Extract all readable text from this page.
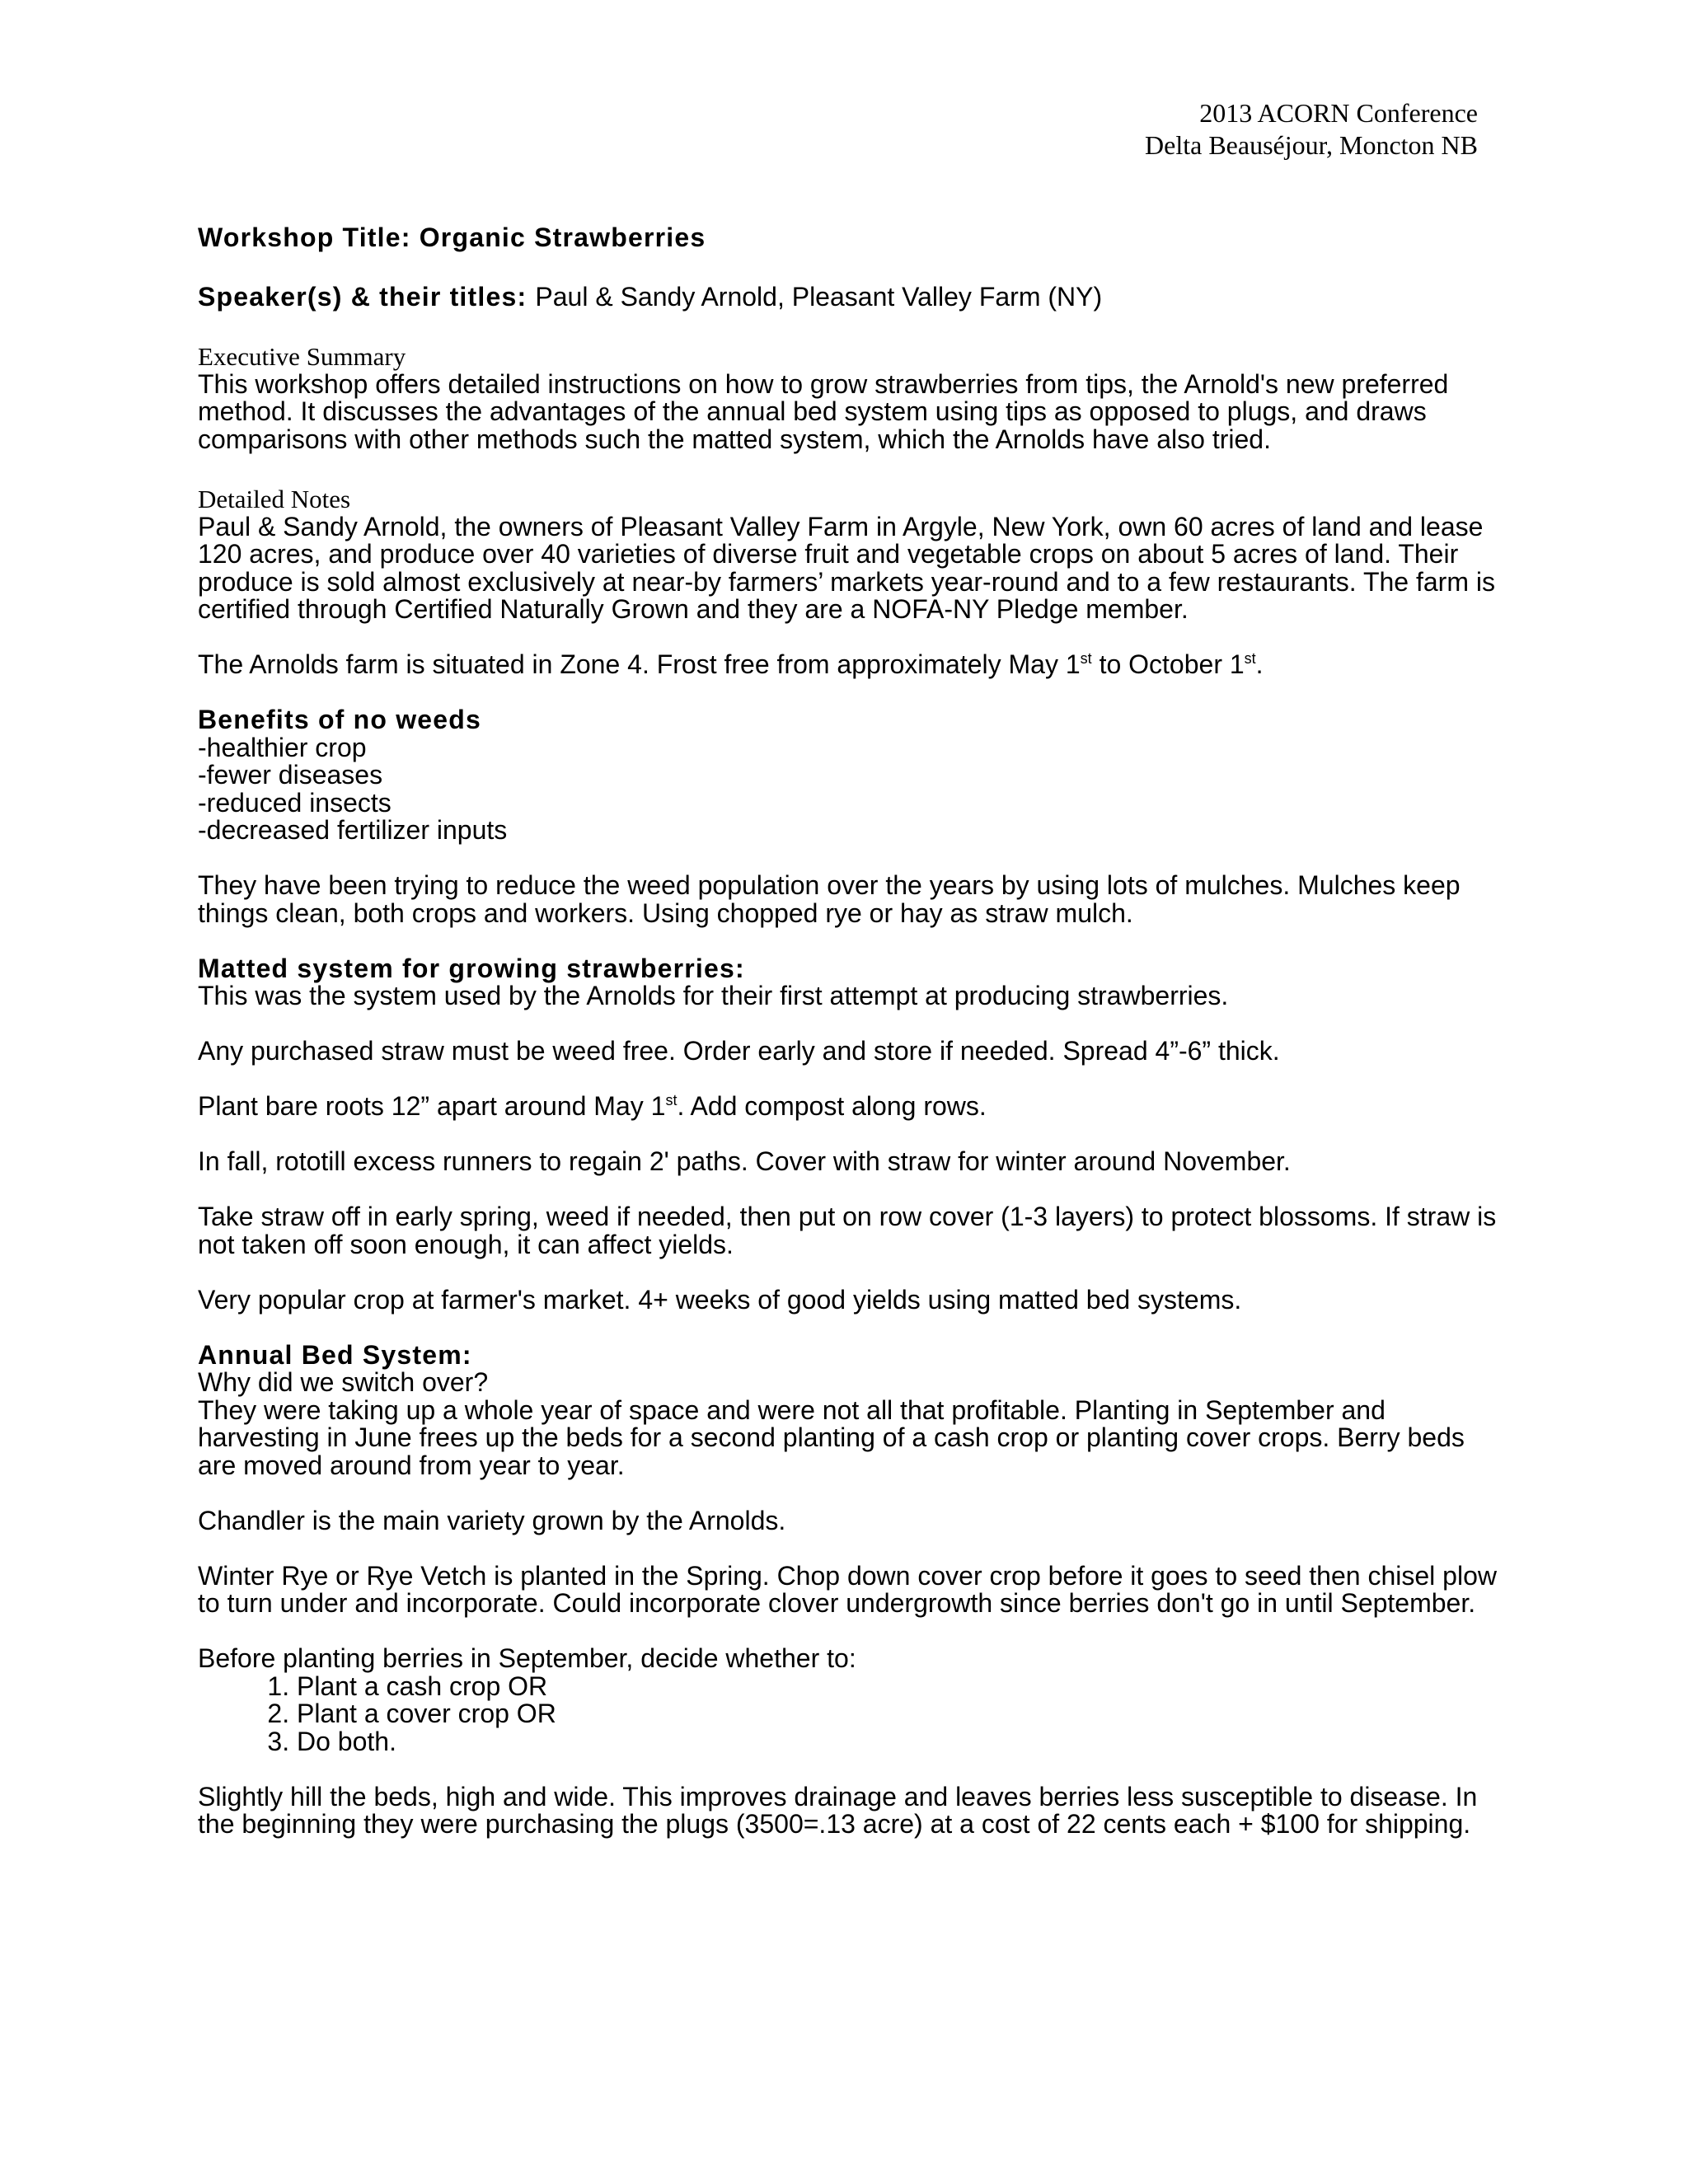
2013 ACORN Conference
Delta Beauséjour, Moncton NB

Workshop Title: Organic Strawberries

Speaker(s) & their titles: Paul & Sandy Arnold, Pleasant Valley Farm (NY)

Executive Summary

This workshop offers detailed instructions on how to grow strawberries from tips, the Arnold's new preferred method. It discusses the advantages of the annual bed system using tips as opposed to plugs, and draws comparisons with other methods such the matted system, which the Arnolds have also tried.

Detailed Notes

Paul & Sandy Arnold, the owners of Pleasant Valley Farm in Argyle, New York, own 60 acres of land and lease 120 acres, and produce over 40 varieties of diverse fruit and vegetable crops on about 5 acres of land. Their produce is sold almost exclusively at near-by farmers’ markets year-round and to a few restaurants. The farm is certified through Certified Naturally Grown and they are a NOFA-NY Pledge member.

The Arnolds farm is situated in Zone 4. Frost free from approximately May 1st to October 1st.

Benefits of no weeds

-healthier crop

-fewer diseases

-reduced insects

-decreased fertilizer inputs

They have been trying to reduce the weed population over the years by using lots of mulches. Mulches keep things clean, both crops and workers. Using chopped rye or hay as straw mulch.

Matted system for growing strawberries:

This was the system used by the Arnolds for their first attempt at producing strawberries.

Any purchased straw must be weed free. Order early and store if needed. Spread 4”-6” thick.

Plant bare roots 12” apart around May 1st. Add compost along rows.

In fall, rototill excess runners to regain 2' paths. Cover with straw for winter around November.

Take straw off in early spring, weed if needed, then put on row cover (1-3 layers) to protect blossoms. If straw is not taken off soon enough, it can affect yields.

Very popular crop at farmer's market. 4+ weeks of good yields using matted bed systems.

Annual Bed System:

Why did we switch over?

They were taking up a whole year of space and were not all that profitable. Planting in September and harvesting in June frees up the beds for a second planting of a cash crop or planting cover crops. Berry beds are moved around from year to year.

Chandler is the main variety grown by the Arnolds.

Winter Rye or Rye Vetch is planted in the Spring. Chop down cover crop before it goes to seed then chisel plow to turn under and incorporate. Could incorporate clover undergrowth since berries don't go in until September.

Before planting berries in September, decide whether to:

1. Plant a cash crop OR
2. Plant a cover crop OR
3. Do both.

Slightly hill the beds, high and wide. This improves drainage and leaves berries less susceptible to disease. In the beginning they were purchasing the plugs (3500=.13 acre) at a cost of 22 cents each + $100 for shipping.
